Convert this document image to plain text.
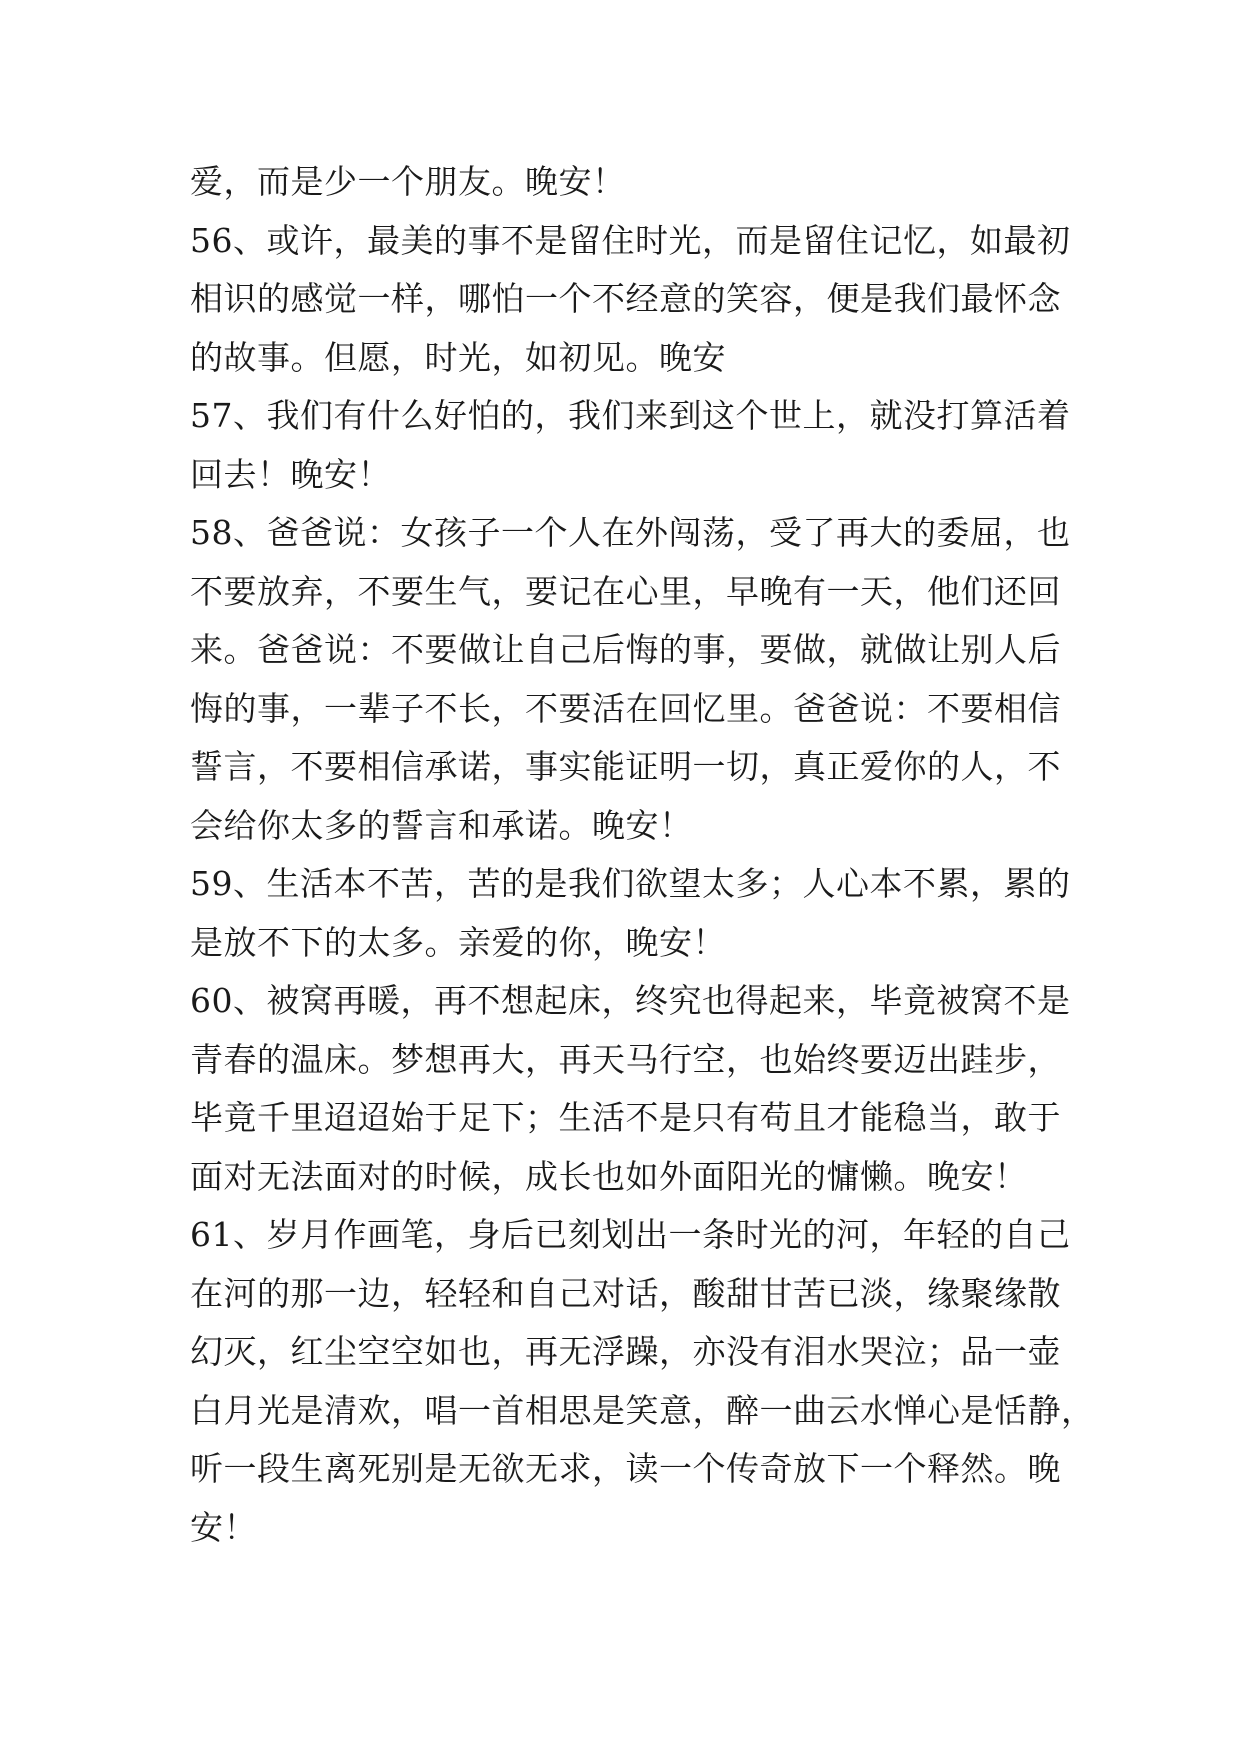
爱，而是少一个朋友。晚安！
56、或许，最美的事不是留住时光，而是留住记忆，如最初
相识的感觉一样，哪怕一个不经意的笑容，便是我们最怀念
的故事。但愿，时光，如初见。晚安
57、我们有什么好怕的，我们来到这个世上，就没打算活着
回去！晚安！
58、爸爸说：女孩子一个人在外闯荡，受了再大的委屈，也
不要放弃，不要生气，要记在心里，早晚有一天，他们还回
来。爸爸说：不要做让自己后悔的事，要做，就做让别人后
悔的事，一辈子不长，不要活在回忆里。爸爸说：不要相信
誓言，不要相信承诺，事实能证明一切，真正爱你的人，不
会给你太多的誓言和承诺。晚安！
59、生活本不苦，苦的是我们欲望太多；人心本不累，累的
是放不下的太多。亲爱的你，晚安！
60、被窝再暖，再不想起床，终究也得起来，毕竟被窝不是
青春的温床。梦想再大，再天马行空，也始终要迈出跬步，
毕竟千里迢迢始于足下；生活不是只有苟且才能稳当，敢于
面对无法面对的时候，成长也如外面阳光的慵懒。晚安！
61、岁月作画笔，身后已刻划出一条时光的河，年轻的自己
在河的那一边，轻轻和自己对话，酸甜甘苦已淡，缘聚缘散
幻灭，红尘空空如也，再无浮躁，亦没有泪水哭泣；品一壶
白月光是清欢，唱一首相思是笑意，醉一曲云水惮心是恬静，
听一段生离死别是无欲无求，读一个传奇放下一个释然。晚
安！
